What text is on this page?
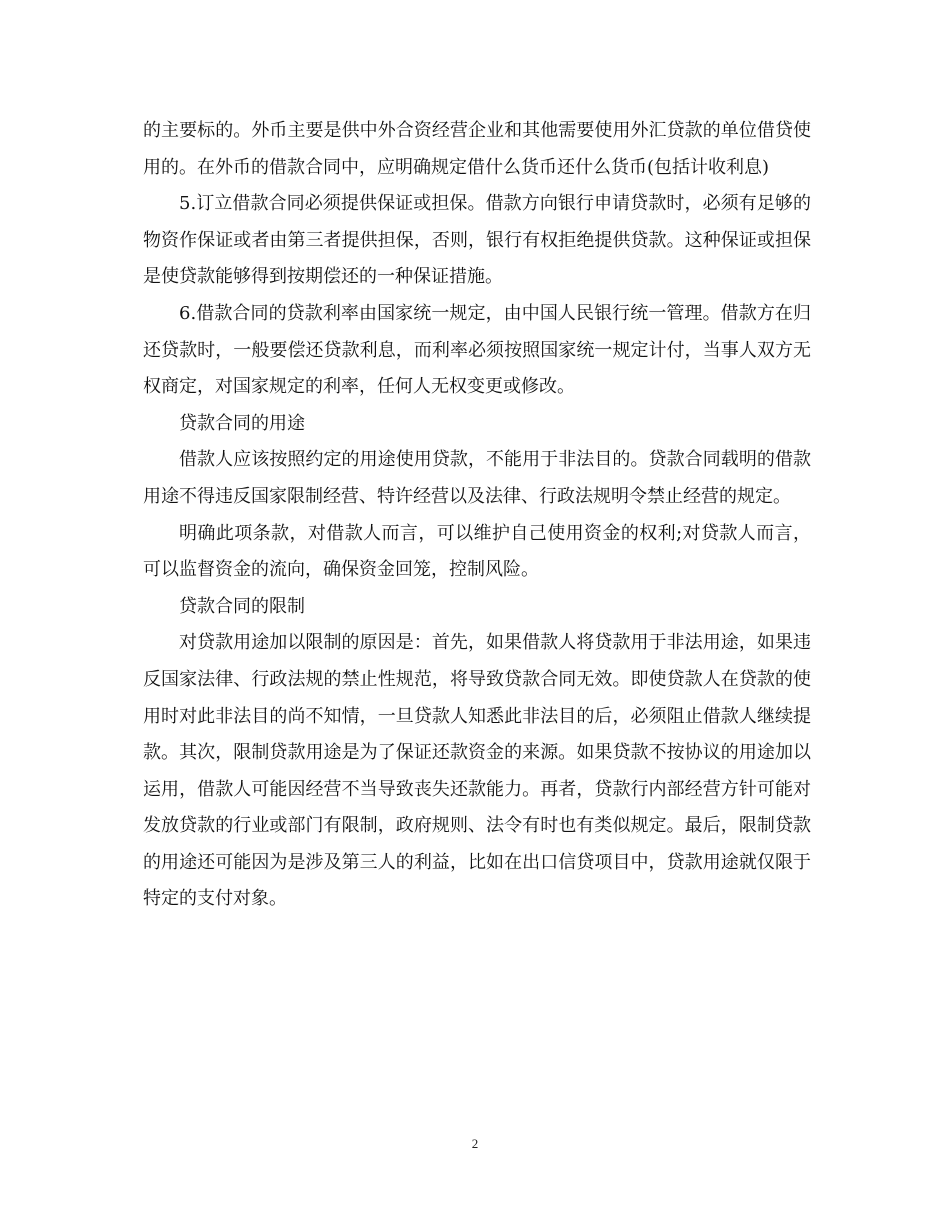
的主要标的。外币主要是供中外合资经营企业和其他需要使用外汇贷款的单位借贷使用的。在外币的借款合同中，应明确规定借什么货币还什么货币(包括计收利息)

5.订立借款合同必须提供保证或担保。借款方向银行申请贷款时，必须有足够的物资作保证或者由第三者提供担保，否则，银行有权拒绝提供贷款。这种保证或担保是使贷款能够得到按期偿还的一种保证措施。

6.借款合同的贷款利率由国家统一规定，由中国人民银行统一管理。借款方在归还贷款时，一般要偿还贷款利息，而利率必须按照国家统一规定计付，当事人双方无权商定，对国家规定的利率，任何人无权变更或修改。

贷款合同的用途

借款人应该按照约定的用途使用贷款，不能用于非法目的。贷款合同载明的借款用途不得违反国家限制经营、特许经营以及法律、行政法规明令禁止经营的规定。

明确此项条款，对借款人而言，可以维护自己使用资金的权利;对贷款人而言，可以监督资金的流向，确保资金回笼，控制风险。

贷款合同的限制

对贷款用途加以限制的原因是：首先，如果借款人将贷款用于非法用途，如果违反国家法律、行政法规的禁止性规范，将导致贷款合同无效。即使贷款人在贷款的使用时对此非法目的尚不知情，一旦贷款人知悉此非法目的后，必须阻止借款人继续提款。其次，限制贷款用途是为了保证还款资金的来源。如果贷款不按协议的用途加以运用，借款人可能因经营不当导致丧失还款能力。再者，贷款行内部经营方针可能对发放贷款的行业或部门有限制，政府规则、法令有时也有类似规定。最后，限制贷款的用途还可能因为是涉及第三人的利益，比如在出口信贷项目中，贷款用途就仅限于特定的支付对象。

2
